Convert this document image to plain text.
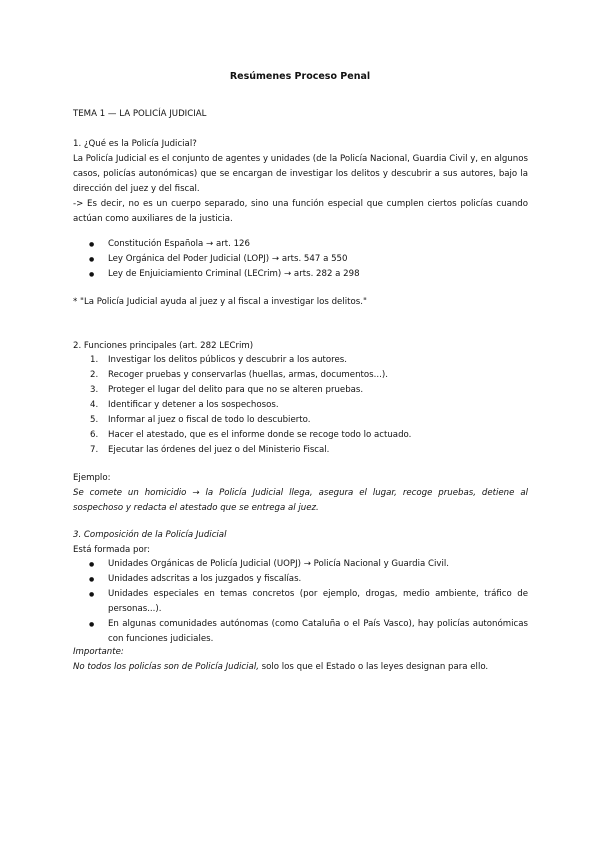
Resúmenes Proceso Penal
TEMA 1 — LA POLICÍA JUDICIAL
1. ¿Qué es la Policía Judicial?
La Policía Judicial es el conjunto de agentes y unidades (de la Policía Nacional, Guardia Civil y, en algunos casos, policías autonómicas) que se encargan de investigar los delitos y descubrir a sus autores, bajo la dirección del juez y del fiscal.
-> Es decir, no es un cuerpo separado, sino una función especial que cumplen ciertos policías cuando actúan como auxiliares de la justicia.
● Constitución Española → art. 126
● Ley Orgánica del Poder Judicial (LOPJ) → arts. 547 a 550
● Ley de Enjuiciamiento Criminal (LECrim) → arts. 282 a 298
* "La Policía Judicial ayuda al juez y al fiscal a investigar los delitos."
2. Funciones principales (art. 282 LECrim)
1. Investigar los delitos públicos y descubrir a los autores.
2. Recoger pruebas y conservarlas (huellas, armas, documentos...).
3. Proteger el lugar del delito para que no se alteren pruebas.
4. Identificar y detener a los sospechosos.
5. Informar al juez o fiscal de todo lo descubierto.
6. Hacer el atestado, que es el informe donde se recoge todo lo actuado.
7. Ejecutar las órdenes del juez o del Ministerio Fiscal.
Ejemplo:
Se comete un homicidio → la Policía Judicial llega, asegura el lugar, recoge pruebas, detiene al sospechoso y redacta el atestado que se entrega al juez.
3. Composición de la Policía Judicial
Está formada por:
● Unidades Orgánicas de Policía Judicial (UOPJ) → Policía Nacional y Guardia Civil.
● Unidades adscritas a los juzgados y fiscalías.
● Unidades especiales en temas concretos (por ejemplo, drogas, medio ambiente, tráfico de personas...).
● En algunas comunidades autónomas (como Cataluña o el País Vasco), hay policías autonómicas con funciones judiciales.
Importante:
No todos los policías son de Policía Judicial, solo los que el Estado o las leyes designan para ello.
